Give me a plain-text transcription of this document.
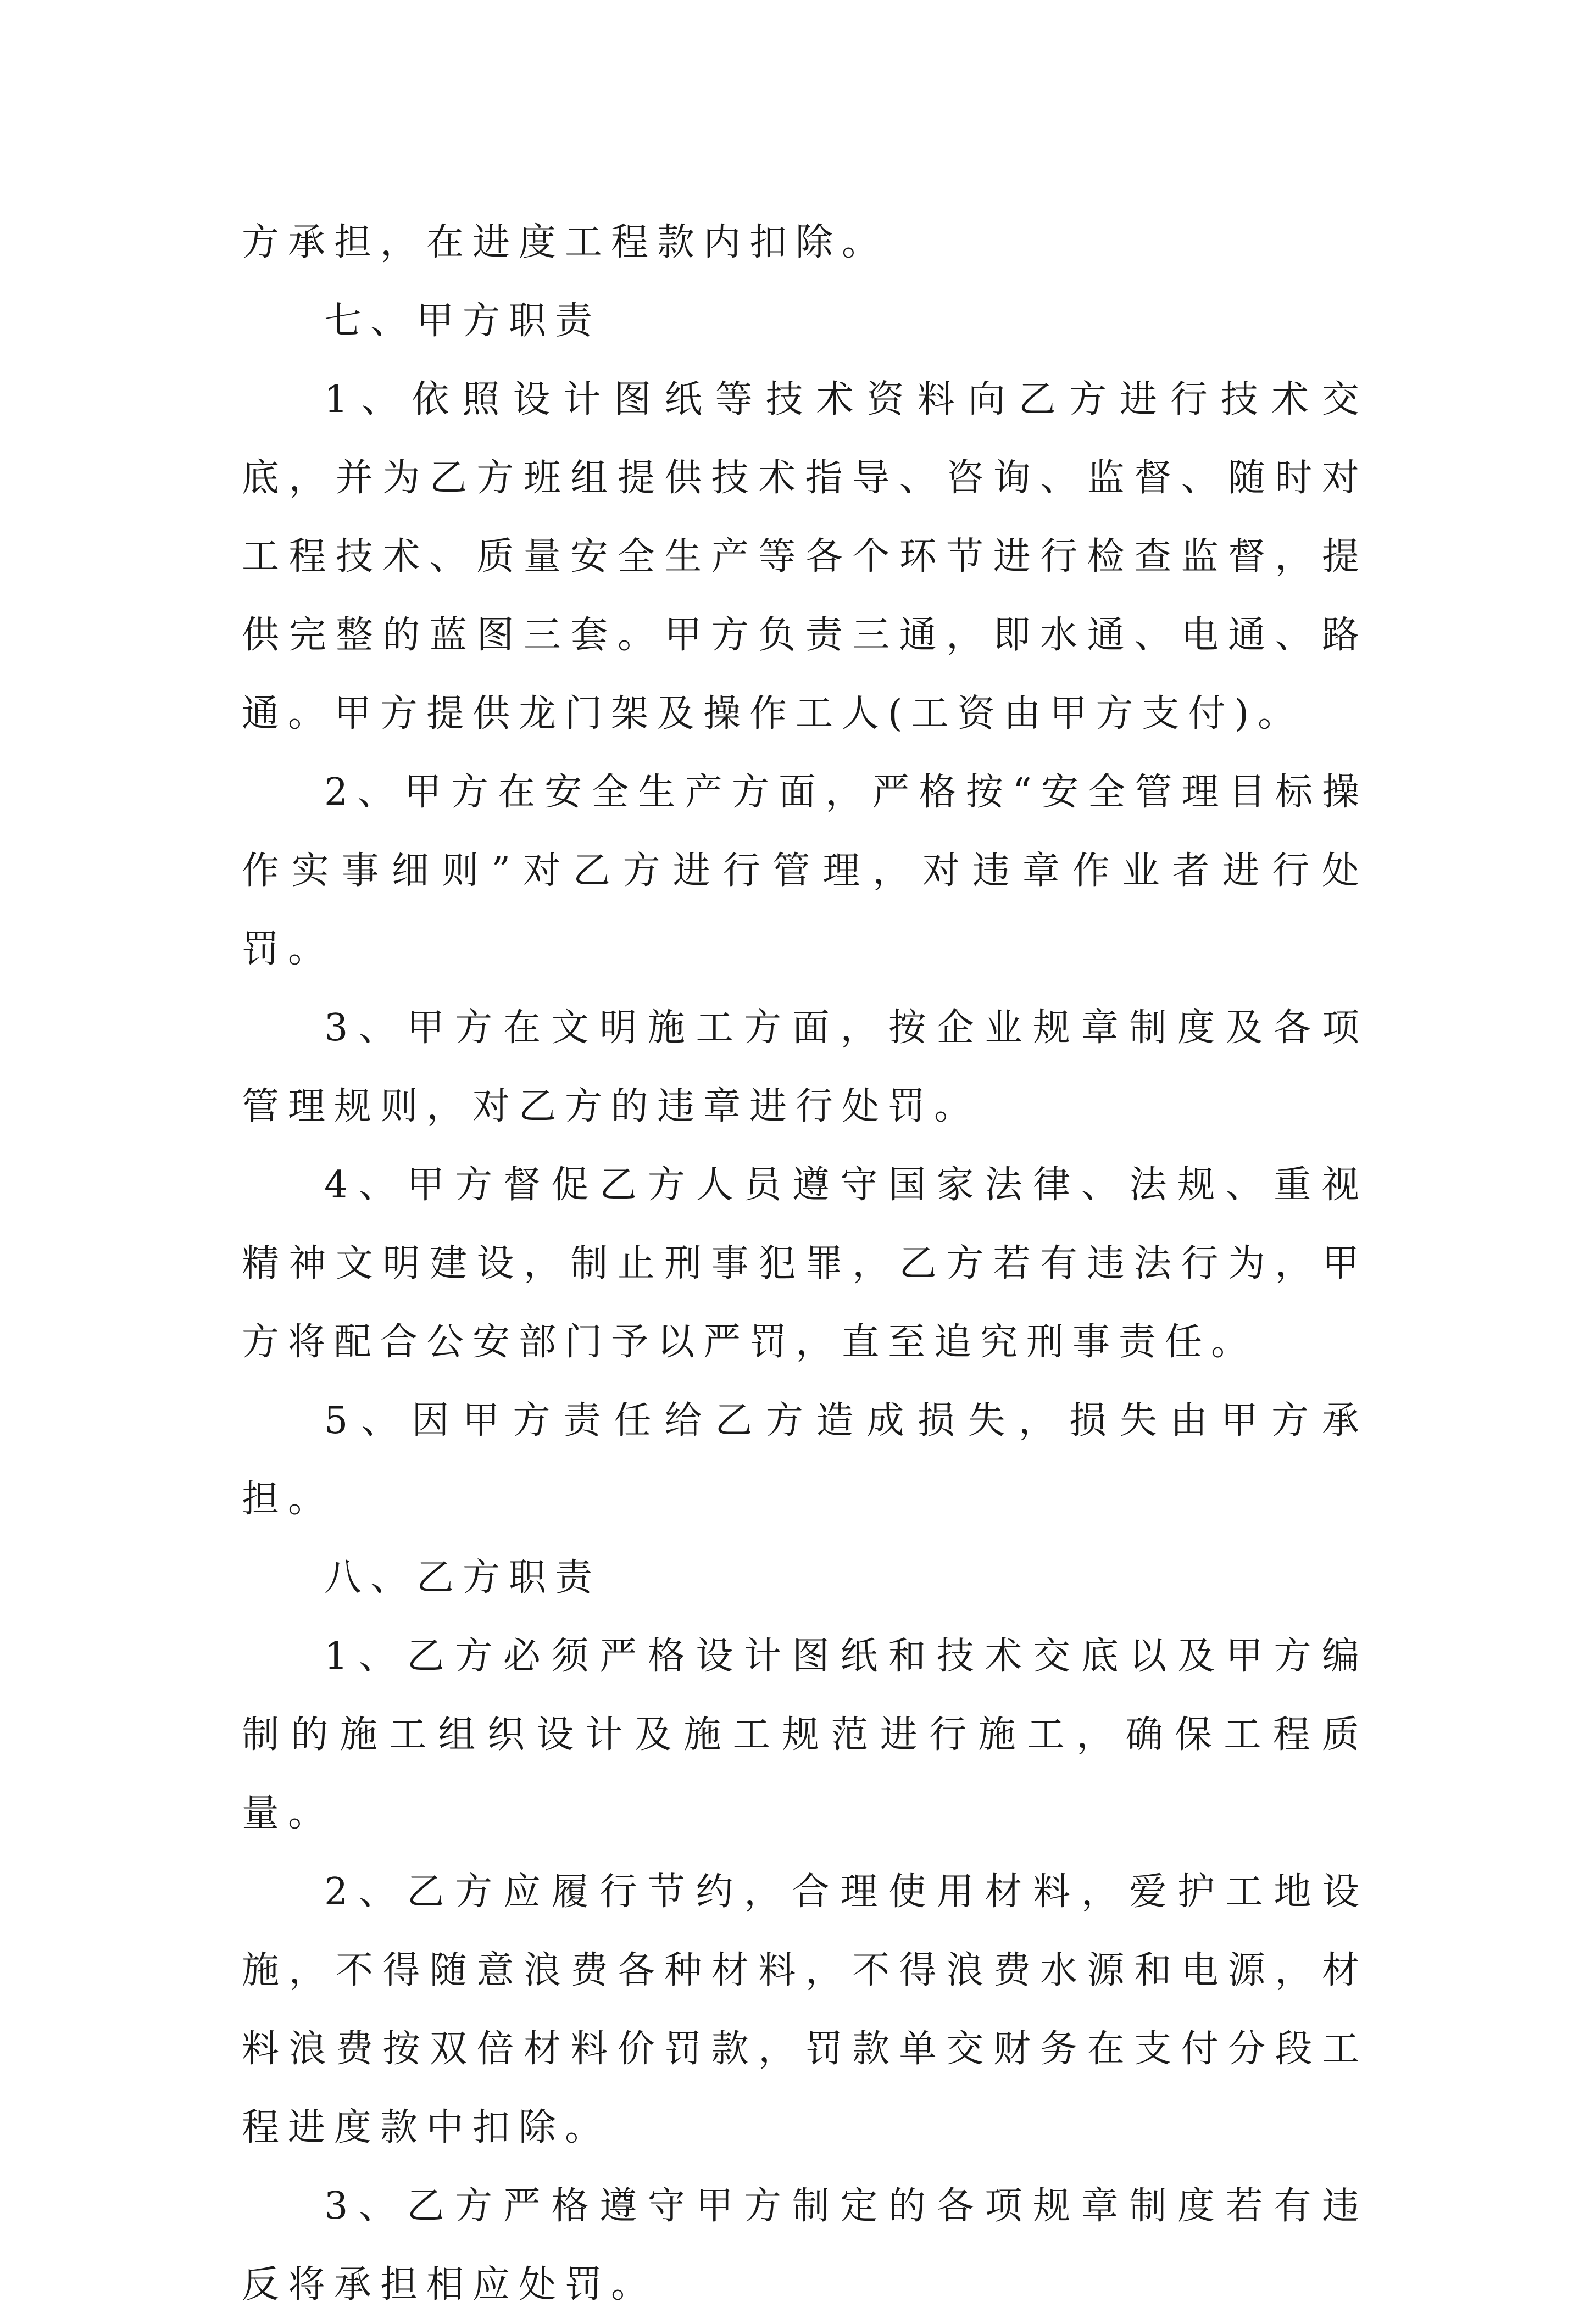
方承担，在进度工程款内扣除。

七、甲方职责

1、依照设计图纸等技术资料向乙方进行技术交底，并为乙方班组提供技术指导、咨询、监督、随时对工程技术、质量安全生产等各个环节进行检查监督，提供完整的蓝图三套。甲方负责三通，即水通、电通、路通。甲方提供龙门架及操作工人(工资由甲方支付)。

2、甲方在安全生产方面，严格按“安全管理目标操作实事细则”对乙方进行管理，对违章作业者进行处罚。

3、甲方在文明施工方面，按企业规章制度及各项管理规则，对乙方的违章进行处罚。

4、甲方督促乙方人员遵守国家法律、法规、重视精神文明建设，制止刑事犯罪，乙方若有违法行为，甲方将配合公安部门予以严罚，直至追究刑事责任。

5、因甲方责任给乙方造成损失，损失由甲方承担。

八、乙方职责

1、乙方必须严格设计图纸和技术交底以及甲方编制的施工组织设计及施工规范进行施工，确保工程质量。

2、乙方应履行节约，合理使用材料，爱护工地设施，不得随意浪费各种材料，不得浪费水源和电源，材料浪费按双倍材料价罚款，罚款单交财务在支付分段工程进度款中扣除。

3、乙方严格遵守甲方制定的各项规章制度若有违反将承担相应处罚。
